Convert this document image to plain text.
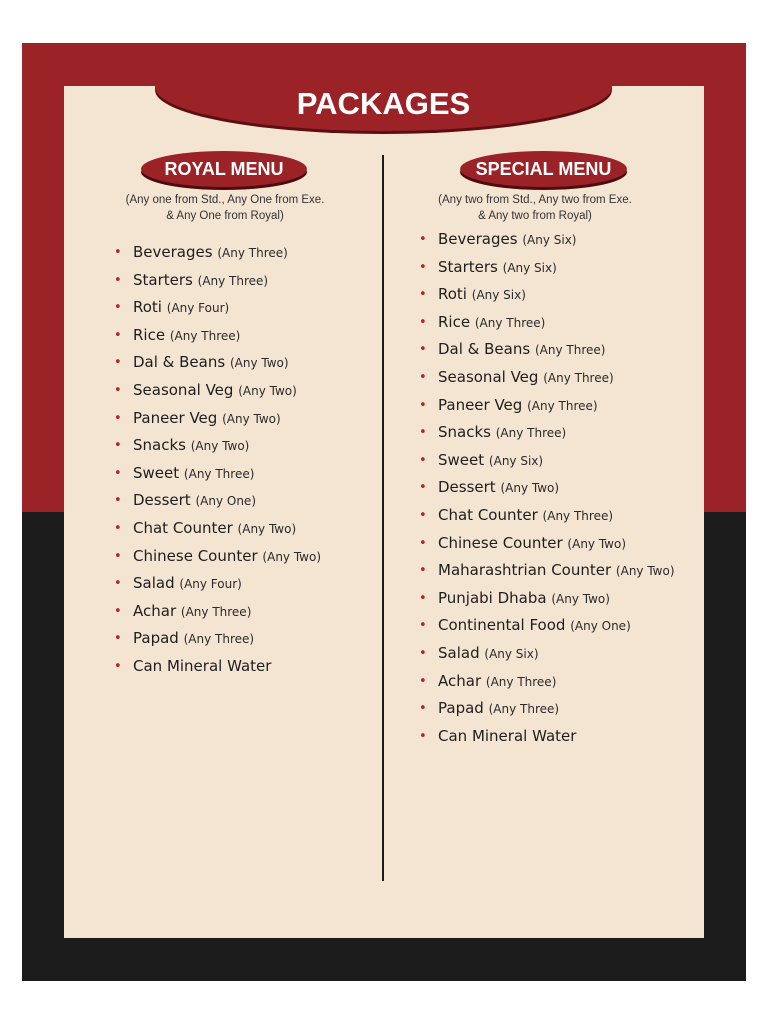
PACKAGES
ROYAL MENU
(Any one from Std., Any One from Exe.
& Any One from Royal)
• Beverages (Any Three)
• Starters (Any Three)
• Roti (Any Four)
• Rice (Any Three)
• Dal & Beans (Any Two)
• Seasonal Veg (Any Two)
• Paneer Veg (Any Two)
• Snacks (Any Two)
• Sweet (Any Three)
• Dessert (Any One)
• Chat Counter (Any Two)
• Chinese Counter (Any Two)
• Salad (Any Four)
• Achar (Any Three)
• Papad (Any Three)
• Can Mineral Water
SPECIAL MENU
(Any two from Std., Any two from Exe.
& Any two from Royal)
• Beverages (Any Six)
• Starters (Any Six)
• Roti (Any Six)
• Rice (Any Three)
• Dal & Beans (Any Three)
• Seasonal Veg (Any Three)
• Paneer Veg (Any Three)
• Snacks (Any Three)
• Sweet (Any Six)
• Dessert (Any Two)
• Chat Counter (Any Three)
• Chinese Counter (Any Two)
• Maharashtrian Counter (Any Two)
• Punjabi Dhaba (Any Two)
• Continental Food (Any One)
• Salad (Any Six)
• Achar (Any Three)
• Papad (Any Three)
• Can Mineral Water
